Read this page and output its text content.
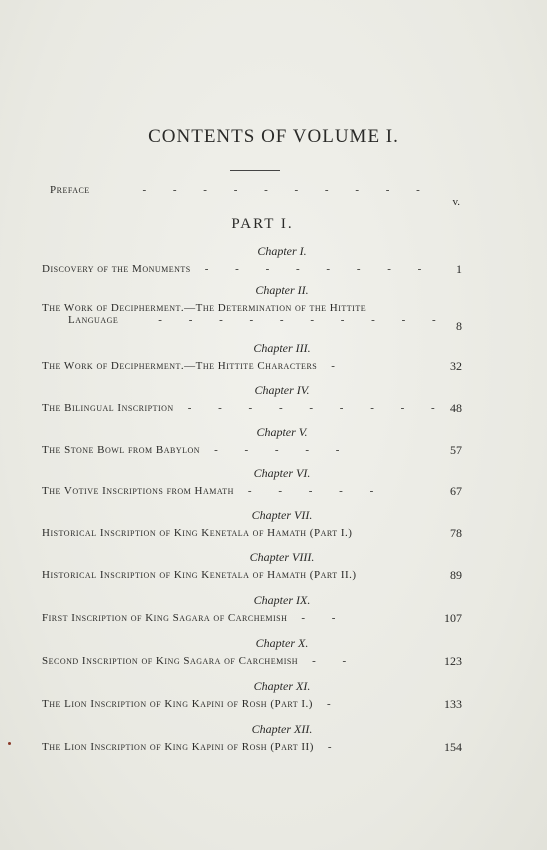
CONTENTS OF VOLUME I.
Preface	- - - - - - - - - -
v.
PART I.
Chapter I.
Discovery of the Monuments - - - - - - - -	1
Chapter II.
The Work of Decipherment.—The Determination of the Hittite
Language	- - - - - - - - - - 8
Chapter III.
The Work of Decipherment.—The Hittite Characters -	32
Chapter IV.
The Bilingual Inscription - - - - - - - - - 48
Chapter V.
The Stone Bowl from Babylon - - - - -	57
Chapter VI.
The Votive Inscriptions from Hamath - - - - -	67
Chapter VII.
Historical Inscription of King Kenetala of Hamath (Part I.)	78
Chapter VIII.
Historical Inscription of King Kenetala of Hamath (Part II.)	89
Chapter IX.
First Inscription of King Sagara of Carchemish - -	107
Chapter X.
Second Inscription of King Sagara of Carchemish - -	123
Chapter XI.
The Lion Inscription of King Kapini of Rosh (Part I.) -	133
Chapter XII.
The Lion Inscription of King Kapini of Rosh (Part II) -	154
